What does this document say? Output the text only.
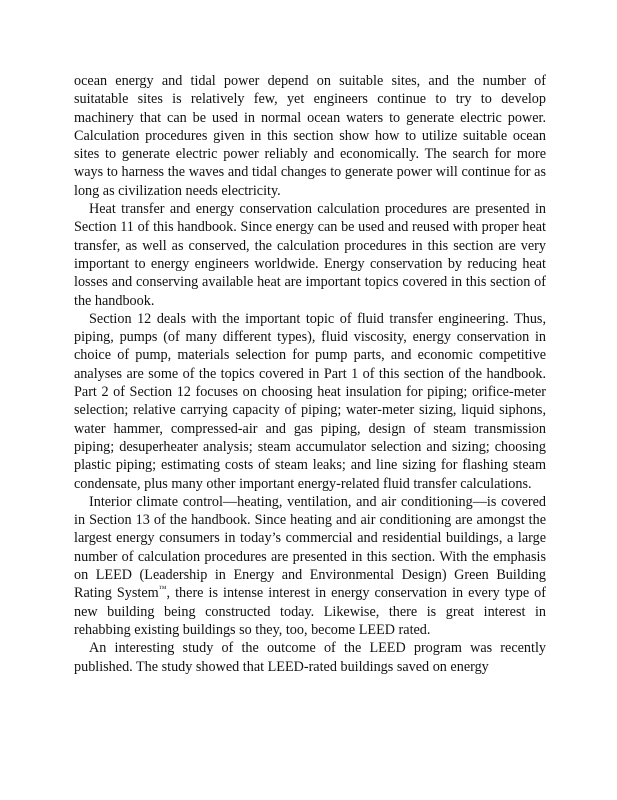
ocean energy and tidal power depend on suitable sites, and the number of suitatable sites is relatively few, yet engineers continue to try to develop machinery that can be used in normal ocean waters to generate electric power. Calculation procedures given in this section show how to utilize suitable ocean sites to generate electric power reliably and economically. The search for more ways to harness the waves and tidal changes to generate power will continue for as long as civilization needs electricity.

Heat transfer and energy conservation calculation procedures are presented in Section 11 of this handbook. Since energy can be used and reused with proper heat transfer, as well as conserved, the calculation procedures in this section are very important to energy engineers worldwide. Energy conservation by reducing heat losses and conserving available heat are important topics covered in this section of the handbook.

Section 12 deals with the important topic of fluid transfer engineering. Thus, piping, pumps (of many different types), fluid viscosity, energy conservation in choice of pump, materials selection for pump parts, and economic competitive analyses are some of the topics covered in Part 1 of this section of the handbook. Part 2 of Section 12 focuses on choosing heat insulation for piping; orifice-meter selection; relative carrying capacity of piping; water-meter sizing, liquid siphons, water hammer, compressed-air and gas piping, design of steam transmission piping; desuperheater analysis; steam accumulator selection and sizing; choosing plastic piping; estimating costs of steam leaks; and line sizing for flashing steam condensate, plus many other important energy-related fluid transfer calculations.

Interior climate control—heating, ventilation, and air conditioning—is covered in Section 13 of the handbook. Since heating and air conditioning are amongst the largest energy consumers in today’s commercial and residential buildings, a large number of calculation procedures are presented in this section. With the emphasis on LEED (Leadership in Energy and Environmental Design) Green Building Rating System™, there is intense interest in energy conservation in every type of new building being constructed today. Likewise, there is great interest in rehabbing existing buildings so they, too, become LEED rated.

An interesting study of the outcome of the LEED program was recently published. The study showed that LEED-rated buildings saved on energy
